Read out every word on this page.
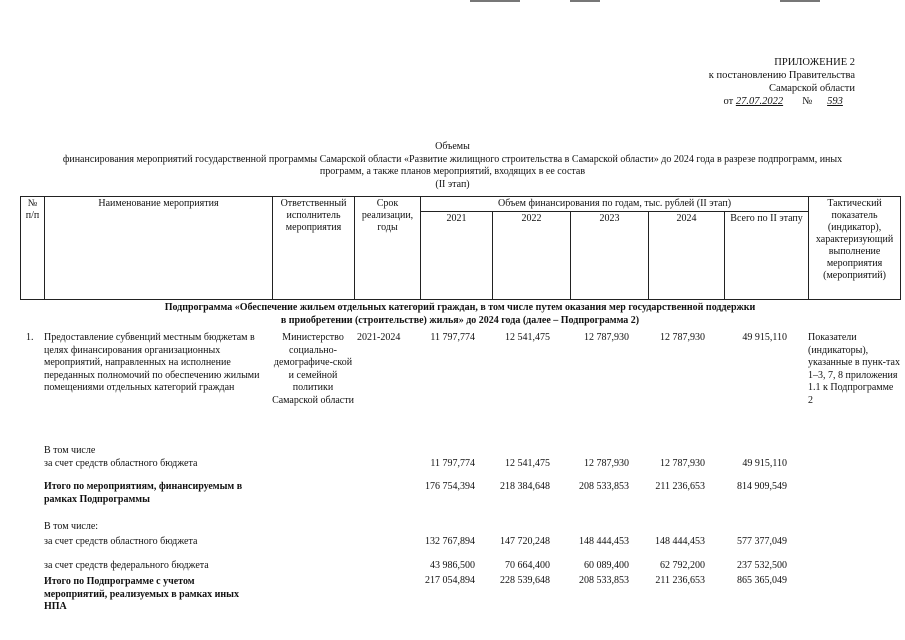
ПРИЛОЖЕНИЕ 2
к постановлению Правительства
Самарской области
от 27.07.2022 № 593
Объемы
финансирования мероприятий государственной программы Самарской области «Развитие жилищного строительства в Самарской области» до 2024 года в разрезе подпрограмм, иных
программ, а также планов мероприятий, входящих в ее состав
(II этап)
№ п/п	Наименование мероприятия	Ответственный исполнитель мероприятия	Срок реализации, годы	Объем финансирования по годам, тыс. рублей (II этап)					Тактический показатель (индикатор), характеризующий выполнение мероприятия (мероприятий)
				2021	2022	2023	2024	Всего по II этапу	
Подпрограмма «Обеспечение жильем отдельных категорий граждан, в том числе путем оказания мер государственной поддержки
в приобретении (строительстве) жилья» до 2024 года (далее – Подпрограмма 2)
1. Предоставление субвенций местным бюджетам в целях финансирования организационных мероприятий, направленных на исполнение переданных полномочий по обеспечению жилыми помещениями отдельных категорий граждан
Министерство социально-демографиче-ской и семейной политики Самарской области
2021-2024	11 797,774	12 541,475	12 787,930	12 787,930	49 915,110 Показатели (индикаторы), указанные в пунк-тах 1–3, 7, 8 приложения 1.1 к Подпрограмме 2
В том числе
за счет средств областного бюджета	11 797,774	12 541,475	12 787,930	12 787,930	49 915,110
Итого по мероприятиям, финансируемым в рамках Подпрограммы
176 754,394	218 384,648	208 533,853	211 236,653	814 909,549
В том числе:
за счет средств областного бюджета	132 767,894	147 720,248	148 444,453	148 444,453	577 377,049
за счет средств федерального бюджета	43 986,500	70 664,400	60 089,400	62 792,200	237 532,500
Итого по Подпрограмме с учетом мероприятий, реализуемых в рамках иных НПА
217 054,894	228 539,648	208 533,853	211 236,653	865 365,049
